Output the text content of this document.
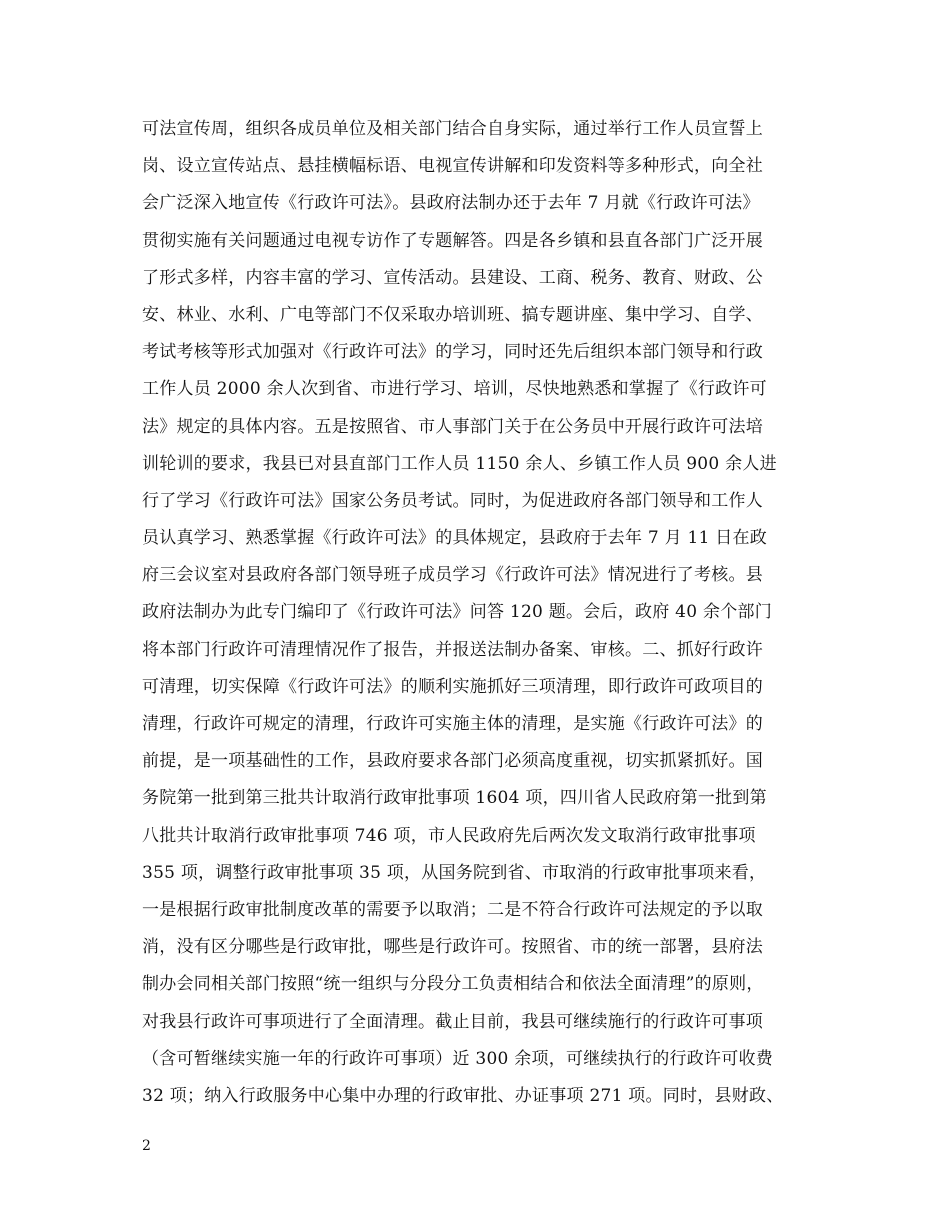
可法宣传周，组织各成员单位及相关部门结合自身实际，通过举行工作人员宣誓上
岗、设立宣传站点、悬挂横幅标语、电视宣传讲解和印发资料等多种形式，向全社
会广泛深入地宣传《行政许可法》。县政府法制办还于去年 7 月就《行政许可法》
贯彻实施有关问题通过电视专访作了专题解答。四是各乡镇和县直各部门广泛开展
了形式多样，内容丰富的学习、宣传活动。县建设、工商、税务、教育、财政、公
安、林业、水利、广电等部门不仅采取办培训班、搞专题讲座、集中学习、自学、
考试考核等形式加强对《行政许可法》的学习，同时还先后组织本部门领导和行政
工作人员 2000 余人次到省、市进行学习、培训，尽快地熟悉和掌握了《行政许可
法》规定的具体内容。五是按照省、市人事部门关于在公务员中开展行政许可法培
训轮训的要求，我县已对县直部门工作人员 1150 余人、乡镇工作人员 900 余人进
行了学习《行政许可法》国家公务员考试。同时，为促进政府各部门领导和工作人
员认真学习、熟悉掌握《行政许可法》的具体规定，县政府于去年 7 月 11 日在政
府三会议室对县政府各部门领导班子成员学习《行政许可法》情况进行了考核。县
政府法制办为此专门编印了《行政许可法》问答 120 题。会后，政府 40 余个部门
将本部门行政许可清理情况作了报告，并报送法制办备案、审核。二、抓好行政许
可清理，切实保障《行政许可法》的顺利实施抓好三项清理，即行政许可政项目的
清理，行政许可规定的清理，行政许可实施主体的清理，是实施《行政许可法》的
前提，是一项基础性的工作，县政府要求各部门必须高度重视，切实抓紧抓好。国
务院第一批到第三批共计取消行政审批事项 1604 项，四川省人民政府第一批到第
八批共计取消行政审批事项 746 项，市人民政府先后两次发文取消行政审批事项
355 项，调整行政审批事项 35 项，从国务院到省、市取消的行政审批事项来看，
一是根据行政审批制度改革的需要予以取消；二是不符合行政许可法规定的予以取
消，没有区分哪些是行政审批，哪些是行政许可。按照省、市的统一部署，县府法
制办会同相关部门按照“统一组织与分段分工负责相结合和依法全面清理”的原则，
对我县行政许可事项进行了全面清理。截止目前，我县可继续施行的行政许可事项
（含可暂继续实施一年的行政许可事项）近 300 余项，可继续执行的行政许可收费
32 项；纳入行政服务中心集中办理的行政审批、办证事项 271 项。同时，县财政、
2
